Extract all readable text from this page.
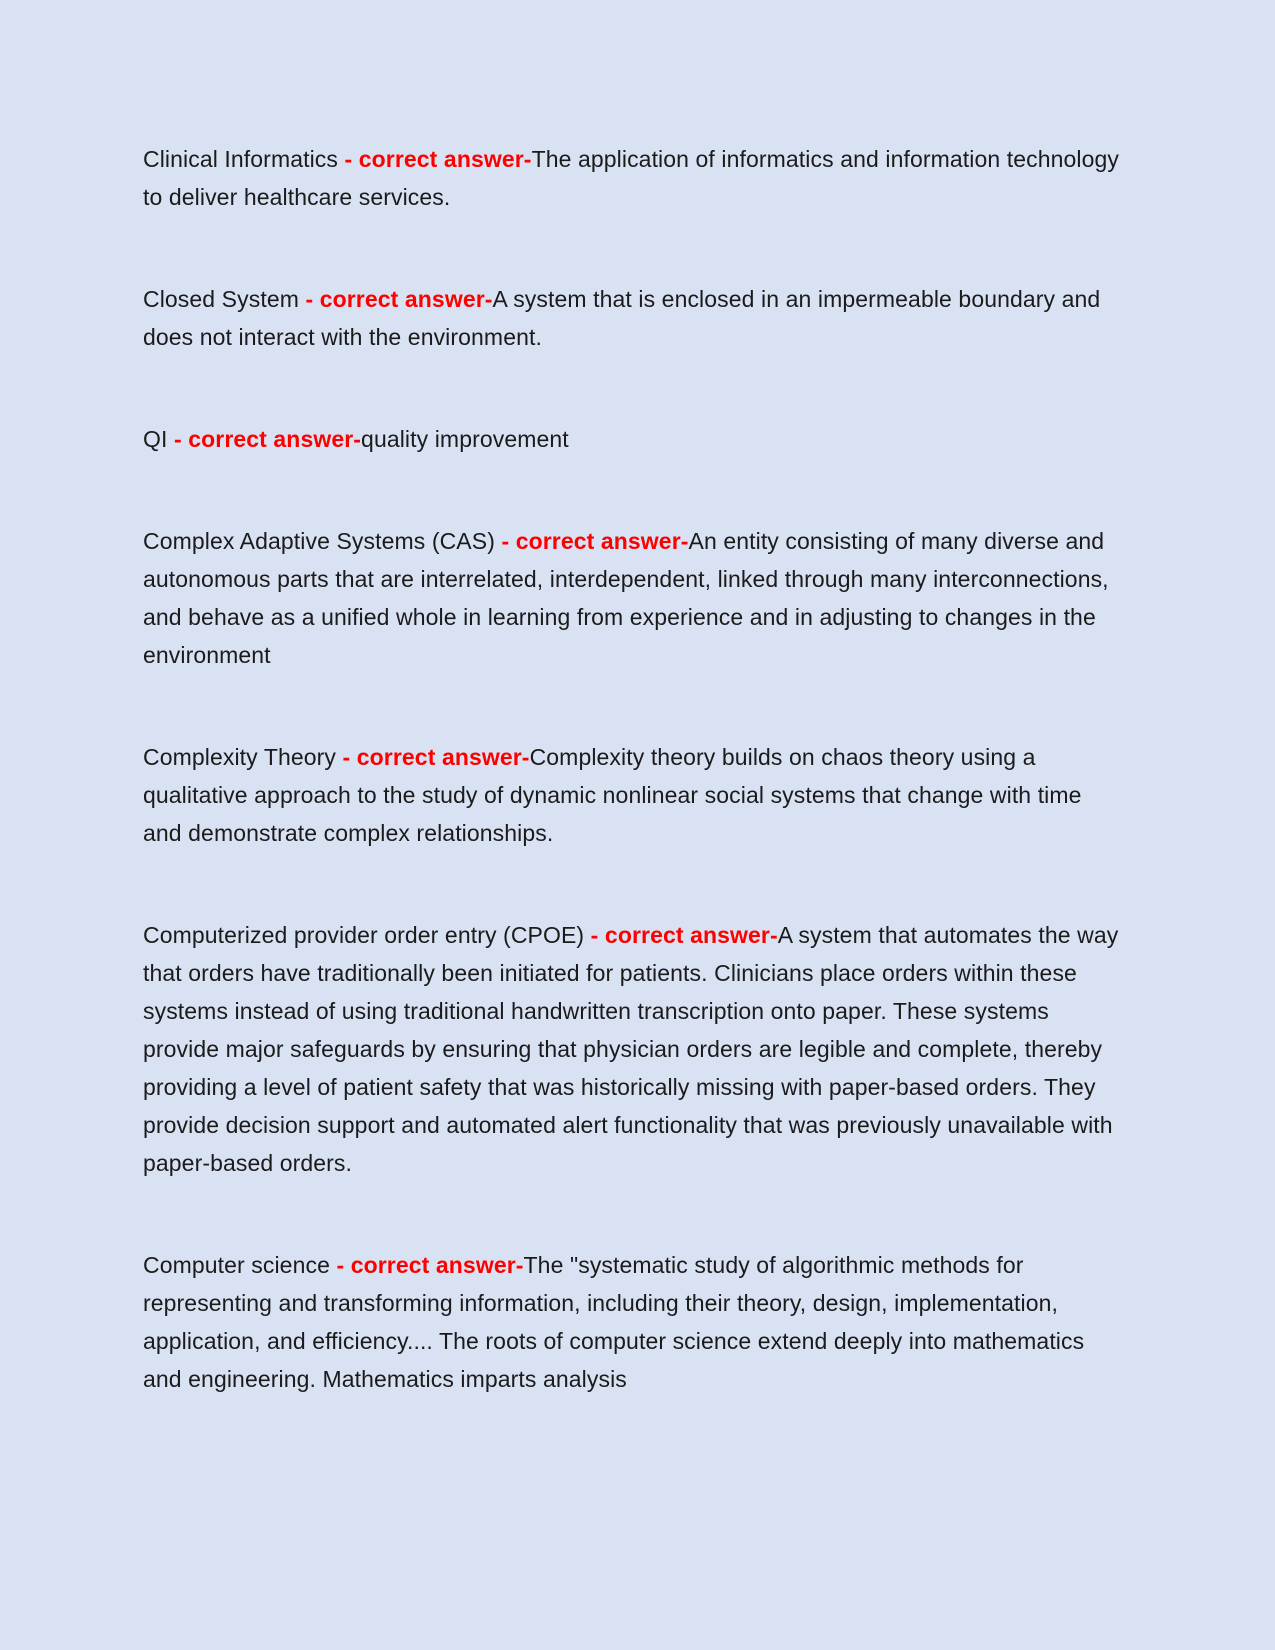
Clinical Informatics - correct answer-The application of informatics and information technology to deliver healthcare services.

Closed System - correct answer-A system that is enclosed in an impermeable boundary and does not interact with the environment.

QI - correct answer-quality improvement

Complex Adaptive Systems (CAS) - correct answer-An entity consisting of many diverse and autonomous parts that are interrelated, interdependent, linked through many interconnections, and behave as a unified whole in learning from experience and in adjusting to changes in the environment

Complexity Theory - correct answer-Complexity theory builds on chaos theory using a qualitative approach to the study of dynamic nonlinear social systems that change with time and demonstrate complex relationships.

Computerized provider order entry (CPOE) - correct answer-A system that automates the way that orders have traditionally been initiated for patients. Clinicians place orders within these systems instead of using traditional handwritten transcription onto paper. These systems provide major safeguards by ensuring that physician orders are legible and complete, thereby providing a level of patient safety that was historically missing with paper-based orders. They provide decision support and automated alert functionality that was previously unavailable with paper-based orders.

Computer science - correct answer-The "systematic study of algorithmic methods for representing and transforming information, including their theory, design, implementation, application, and efficiency.... The roots of computer science extend deeply into mathematics and engineering. Mathematics imparts analysis
